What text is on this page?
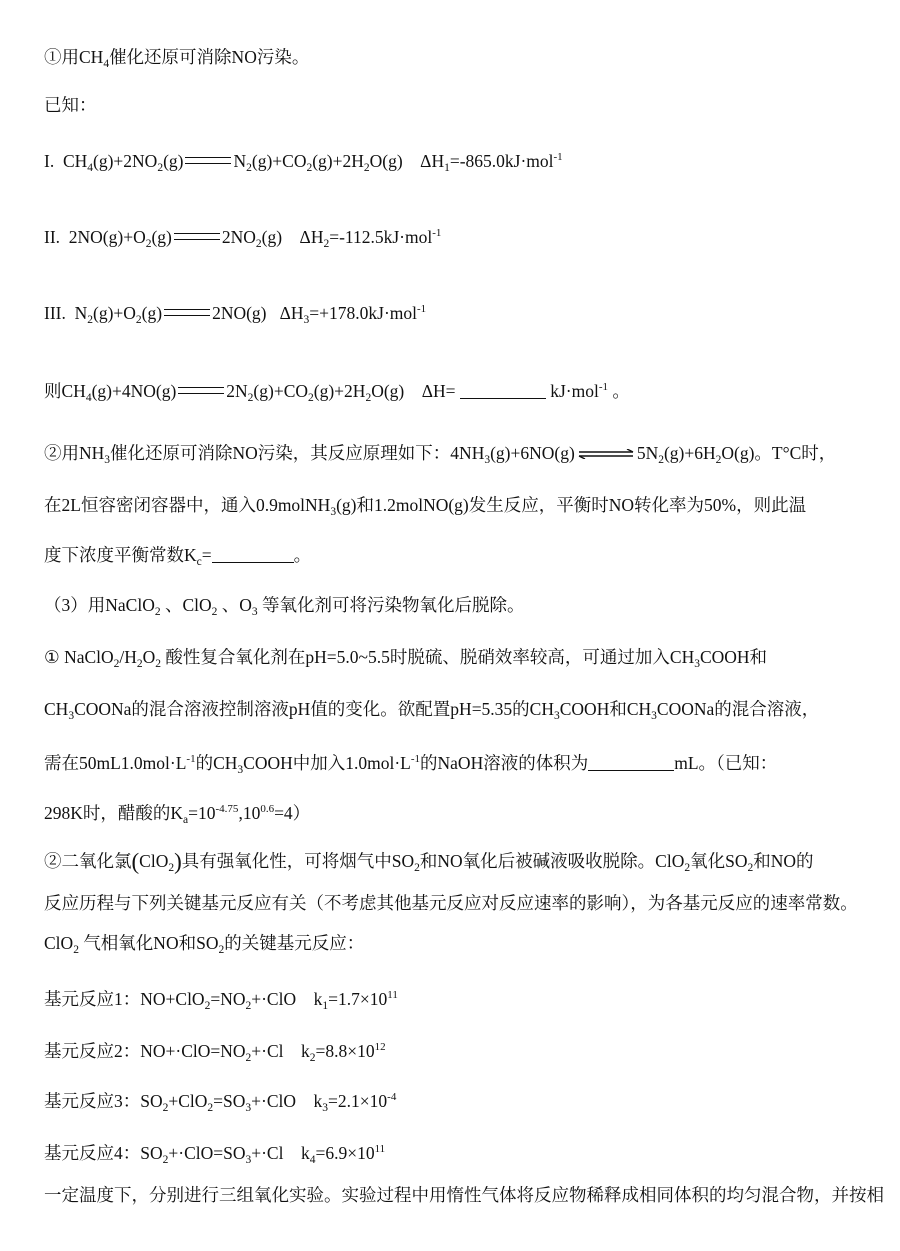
①用$CH_4$催化还原可消除NO污染。
已知：
I.  $CH_4(g)+2NO_2(g)$	$N_2(g)+CO_2(g)+2H_2O(g)$    $\Delta H_1=-865.0kJ\cdot mol^{-1}$
II.  $2NO(g)+O_2(g)$	$2NO_2(g)$    $\Delta H_2=-112.5kJ\cdot mol^{-1}$
III.  $N_2(g)+O_2(g)$	2NO(g)   $\Delta H_3=+178.0kJ\cdot mol^{-1}$
则$CH_4(g)+4NO(g)$	$2N_2(g)+CO_2(g)+2H_2O(g)$    ΔH=	kJ·mol$^{-1}$ 。
②用$NH_3$催化还原可消除NO污染，其反应原理如下：$4NH_3(g)+6NO(g)$ ⇌ $5N_2(g)+6H_2O(g)$。T°C时，
在2L恒容密闭容器中，通入0.9molNH$_3$(g)和1.2molNO(g)发生反应，平衡时NO转化率为50%，则此温
度下浓度平衡常数$K_c=$	。
（3）用NaClO$_2$ 、ClO$_2$ 、$O_3$ 等氧化剂可将污染物氧化后脱除。
① $NaClO_2/H_2O_2$ 酸性复合氧化剂在pH=5.0~5.5时脱硫、脱硝效率较高，可通过加入$CH_3COOH$和
$CH_3COONa$的混合溶液控制溶液pH值的变化。欲配置pH=5.35的$CH_3COOH$和$CH_3COONa$的混合溶液，
需在$50mL1.0mol\cdot L^{-1}$的$CH_3COOH$中加入$1.0mol\cdot L^{-1}$的NaOH溶液的体积为	mL。（已知：
298K时，醋酸的$K_a=10^{-4.75},10^{0.6}=4$）
②二氧化氯(ClO$_2$)具有强氧化性，可将烟气中$SO_2$和NO氧化后被碱液吸收脱除。ClO$_2$氧化$SO_2$和NO的
反应历程与下列关键基元反应有关（不考虑其他基元反应对反应速率的影响），为各基元反应的速率常数。
ClO$_2$ 气相氧化NO和$SO_2$的关键基元反应：
基元反应1：$NO+ClO_2=NO_2+\cdot ClO$    $k_1=1.7\times 10^{11}$
基元反应2：$NO+\cdot ClO=NO_2+\cdot Cl$    $k_2=8.8\times 10^{12}$
基元反应3：$SO_2+ClO_2=SO_3+\cdot ClO$    $k_3=2.1\times 10^{-4}$
基元反应4：$SO_2+\cdot ClO=SO_3+\cdot Cl$    $k_4=6.9\times 10^{11}$
一定温度下，分别进行三组氧化实验。实验过程中用惰性气体将反应物稀释成相同体积的均匀混合物，并按相
